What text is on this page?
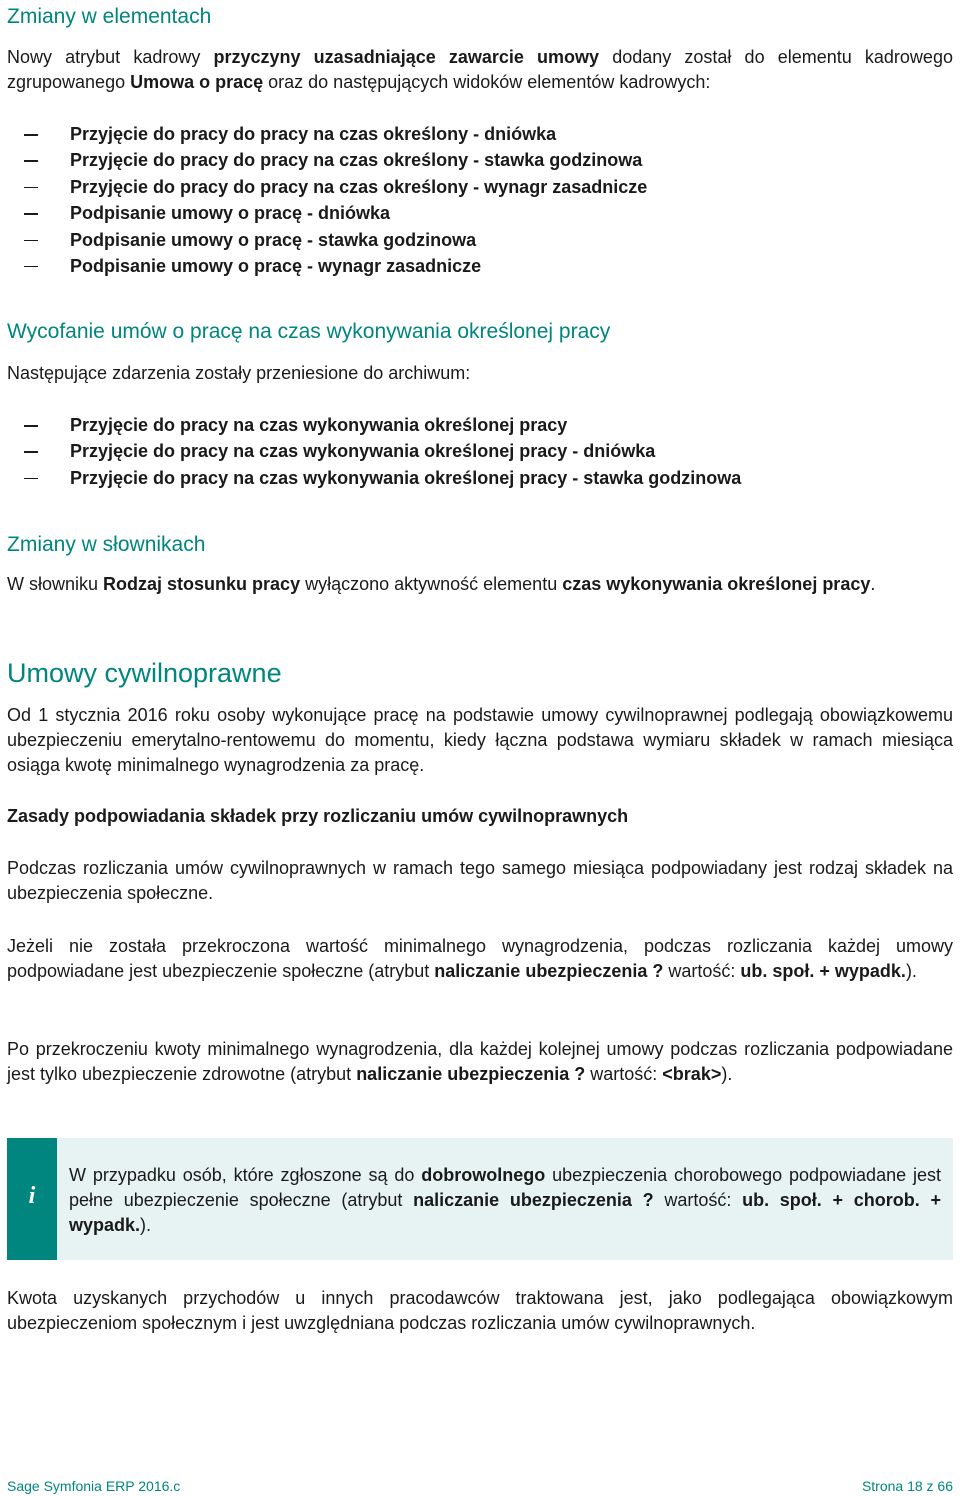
Zmiany w elementach

Nowy atrybut kadrowy przyczyny uzasadniające zawarcie umowy dodany został do elementu kadrowego zgrupowanego Umowa o pracę oraz do następujących widoków elementów kadrowych:

Przyjęcie do pracy do pracy na czas określony - dniówka
Przyjęcie do pracy do pracy na czas określony - stawka godzinowa
Przyjęcie do pracy do pracy na czas określony - wynagr zasadnicze
Podpisanie umowy o pracę - dniówka
Podpisanie umowy o pracę - stawka godzinowa
Podpisanie umowy o pracę - wynagr zasadnicze
Wycofanie umów o pracę na czas wykonywania określonej pracy

Następujące zdarzenia zostały przeniesione do archiwum:

Przyjęcie do pracy na czas wykonywania określonej pracy
Przyjęcie do pracy na czas wykonywania określonej pracy - dniówka
Przyjęcie do pracy na czas wykonywania określonej pracy - stawka godzinowa
Zmiany w słownikach

W słowniku Rodzaj stosunku pracy wyłączono aktywność elementu czas wykonywania określonej pracy.

Umowy cywilnoprawne

Od 1 stycznia 2016 roku osoby wykonujące pracę na podstawie umowy cywilnoprawnej podlegają obowiązkowemu ubezpieczeniu emerytalno-rentowemu do momentu, kiedy łączna podstawa wymiaru składek w ramach miesiąca osiąga kwotę minimalnego wynagrodzenia za pracę.

Zasady podpowiadania składek przy rozliczaniu umów cywilnoprawnych

Podczas rozliczania umów cywilnoprawnych w ramach tego samego miesiąca podpowiadany jest rodzaj składek na ubezpieczenia społeczne.

Jeżeli nie została przekroczona wartość minimalnego wynagrodzenia, podczas rozliczania każdej umowy podpowiadane jest ubezpieczenie społeczne (atrybut naliczanie ubezpieczenia ? wartość: ub. społ. + wypadk.).

Po przekroczeniu kwoty minimalnego wynagrodzenia, dla każdej kolejnej umowy podczas rozliczania podpowiadane jest tylko ubezpieczenie zdrowotne (atrybut naliczanie ubezpieczenia ? wartość: <brak>).

i

W przypadku osób, które zgłoszone są do dobrowolnego ubezpieczenia chorobowego podpowiadane jest pełne ubezpieczenie społeczne (atrybut naliczanie ubezpieczenia ? wartość: ub. społ. + chorob. + wypadk.).

Kwota uzyskanych przychodów u innych pracodawców traktowana jest, jako podlegająca obowiązkowym ubezpieczeniom społecznym i jest uwzględniana podczas rozliczania umów cywilnoprawnych.

Sage Symfonia ERP 2016.c	Strona 18 z 66
